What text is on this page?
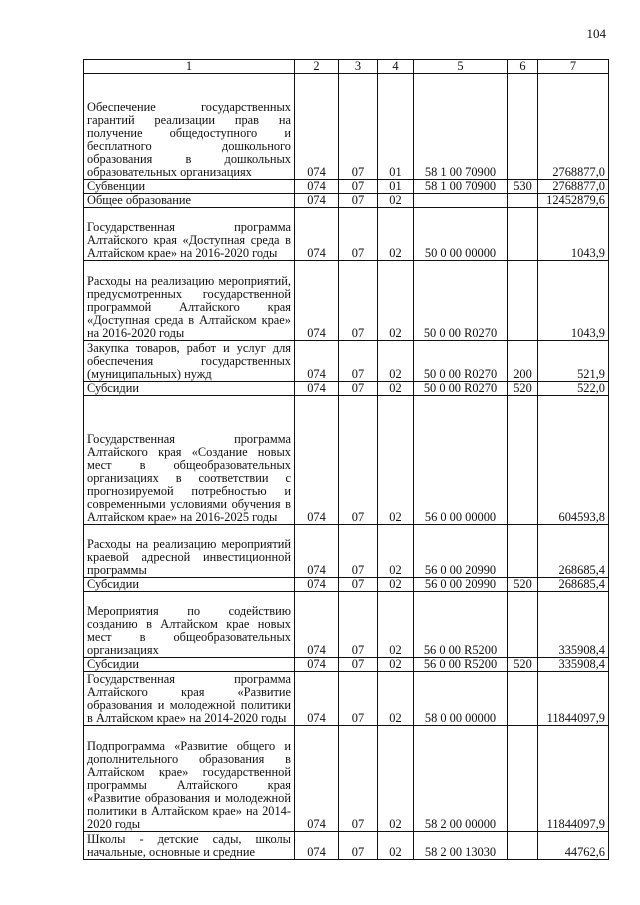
104
1	2	3	4	5	6	7
Обеспечение государственных гарантий реализации прав на получение общедоступного и бесплатного дошкольного образования в дошкольных образовательных организациях	074	07	01	58 1 00 70900		2768877,0
Субвенции	074	07	01	58 1 00 70900	530	2768877,0
Общее образование	074	07	02			12452879,6
Государственная программа Алтайского края «Доступная среда в Алтайском крае» на 2016-2020 годы	074	07	02	50 0 00 00000		1043,9
Расходы на реализацию мероприятий, предусмотренных государственной программой Алтайского края «Доступная среда в Алтайском крае» на 2016-2020 годы	074	07	02	50 0 00 R0270		1043,9
Закупка товаров, работ и услуг для обеспечения государственных (муниципальных) нужд	074	07	02	50 0 00 R0270	200	521,9
Субсидии	074	07	02	50 0 00 R0270	520	522,0
Государственная программа Алтайского края «Создание новых мест в общеобразовательных организациях в соответствии с прогнозируемой потребностью и современными условиями обучения в Алтайском крае» на 2016-2025 годы	074	07	02	56 0 00 00000		604593,8
Расходы на реализацию мероприятий краевой адресной инвестиционной программы	074	07	02	56 0 00 20990		268685,4
Субсидии	074	07	02	56 0 00 20990	520	268685,4
Мероприятия по содействию созданию в Алтайском крае новых мест в общеобразовательных организациях	074	07	02	56 0 00 R5200		335908,4
Субсидии	074	07	02	56 0 00 R5200	520	335908,4
Государственная программа Алтайского края «Развитие образования и молодежной политики в Алтайском крае» на 2014-2020 годы	074	07	02	58 0 00 00000		11844097,9
Подпрограмма «Развитие общего и дополнительного образования в Алтайском крае» государственной программы Алтайского края «Развитие образования и молодежной политики в Алтайском крае» на 2014-2020 годы	074	07	02	58 2 00 00000		11844097,9
Школы - детские сады, школы начальные, основные и средние	074	07	02	58 2 00 13030		44762,6
